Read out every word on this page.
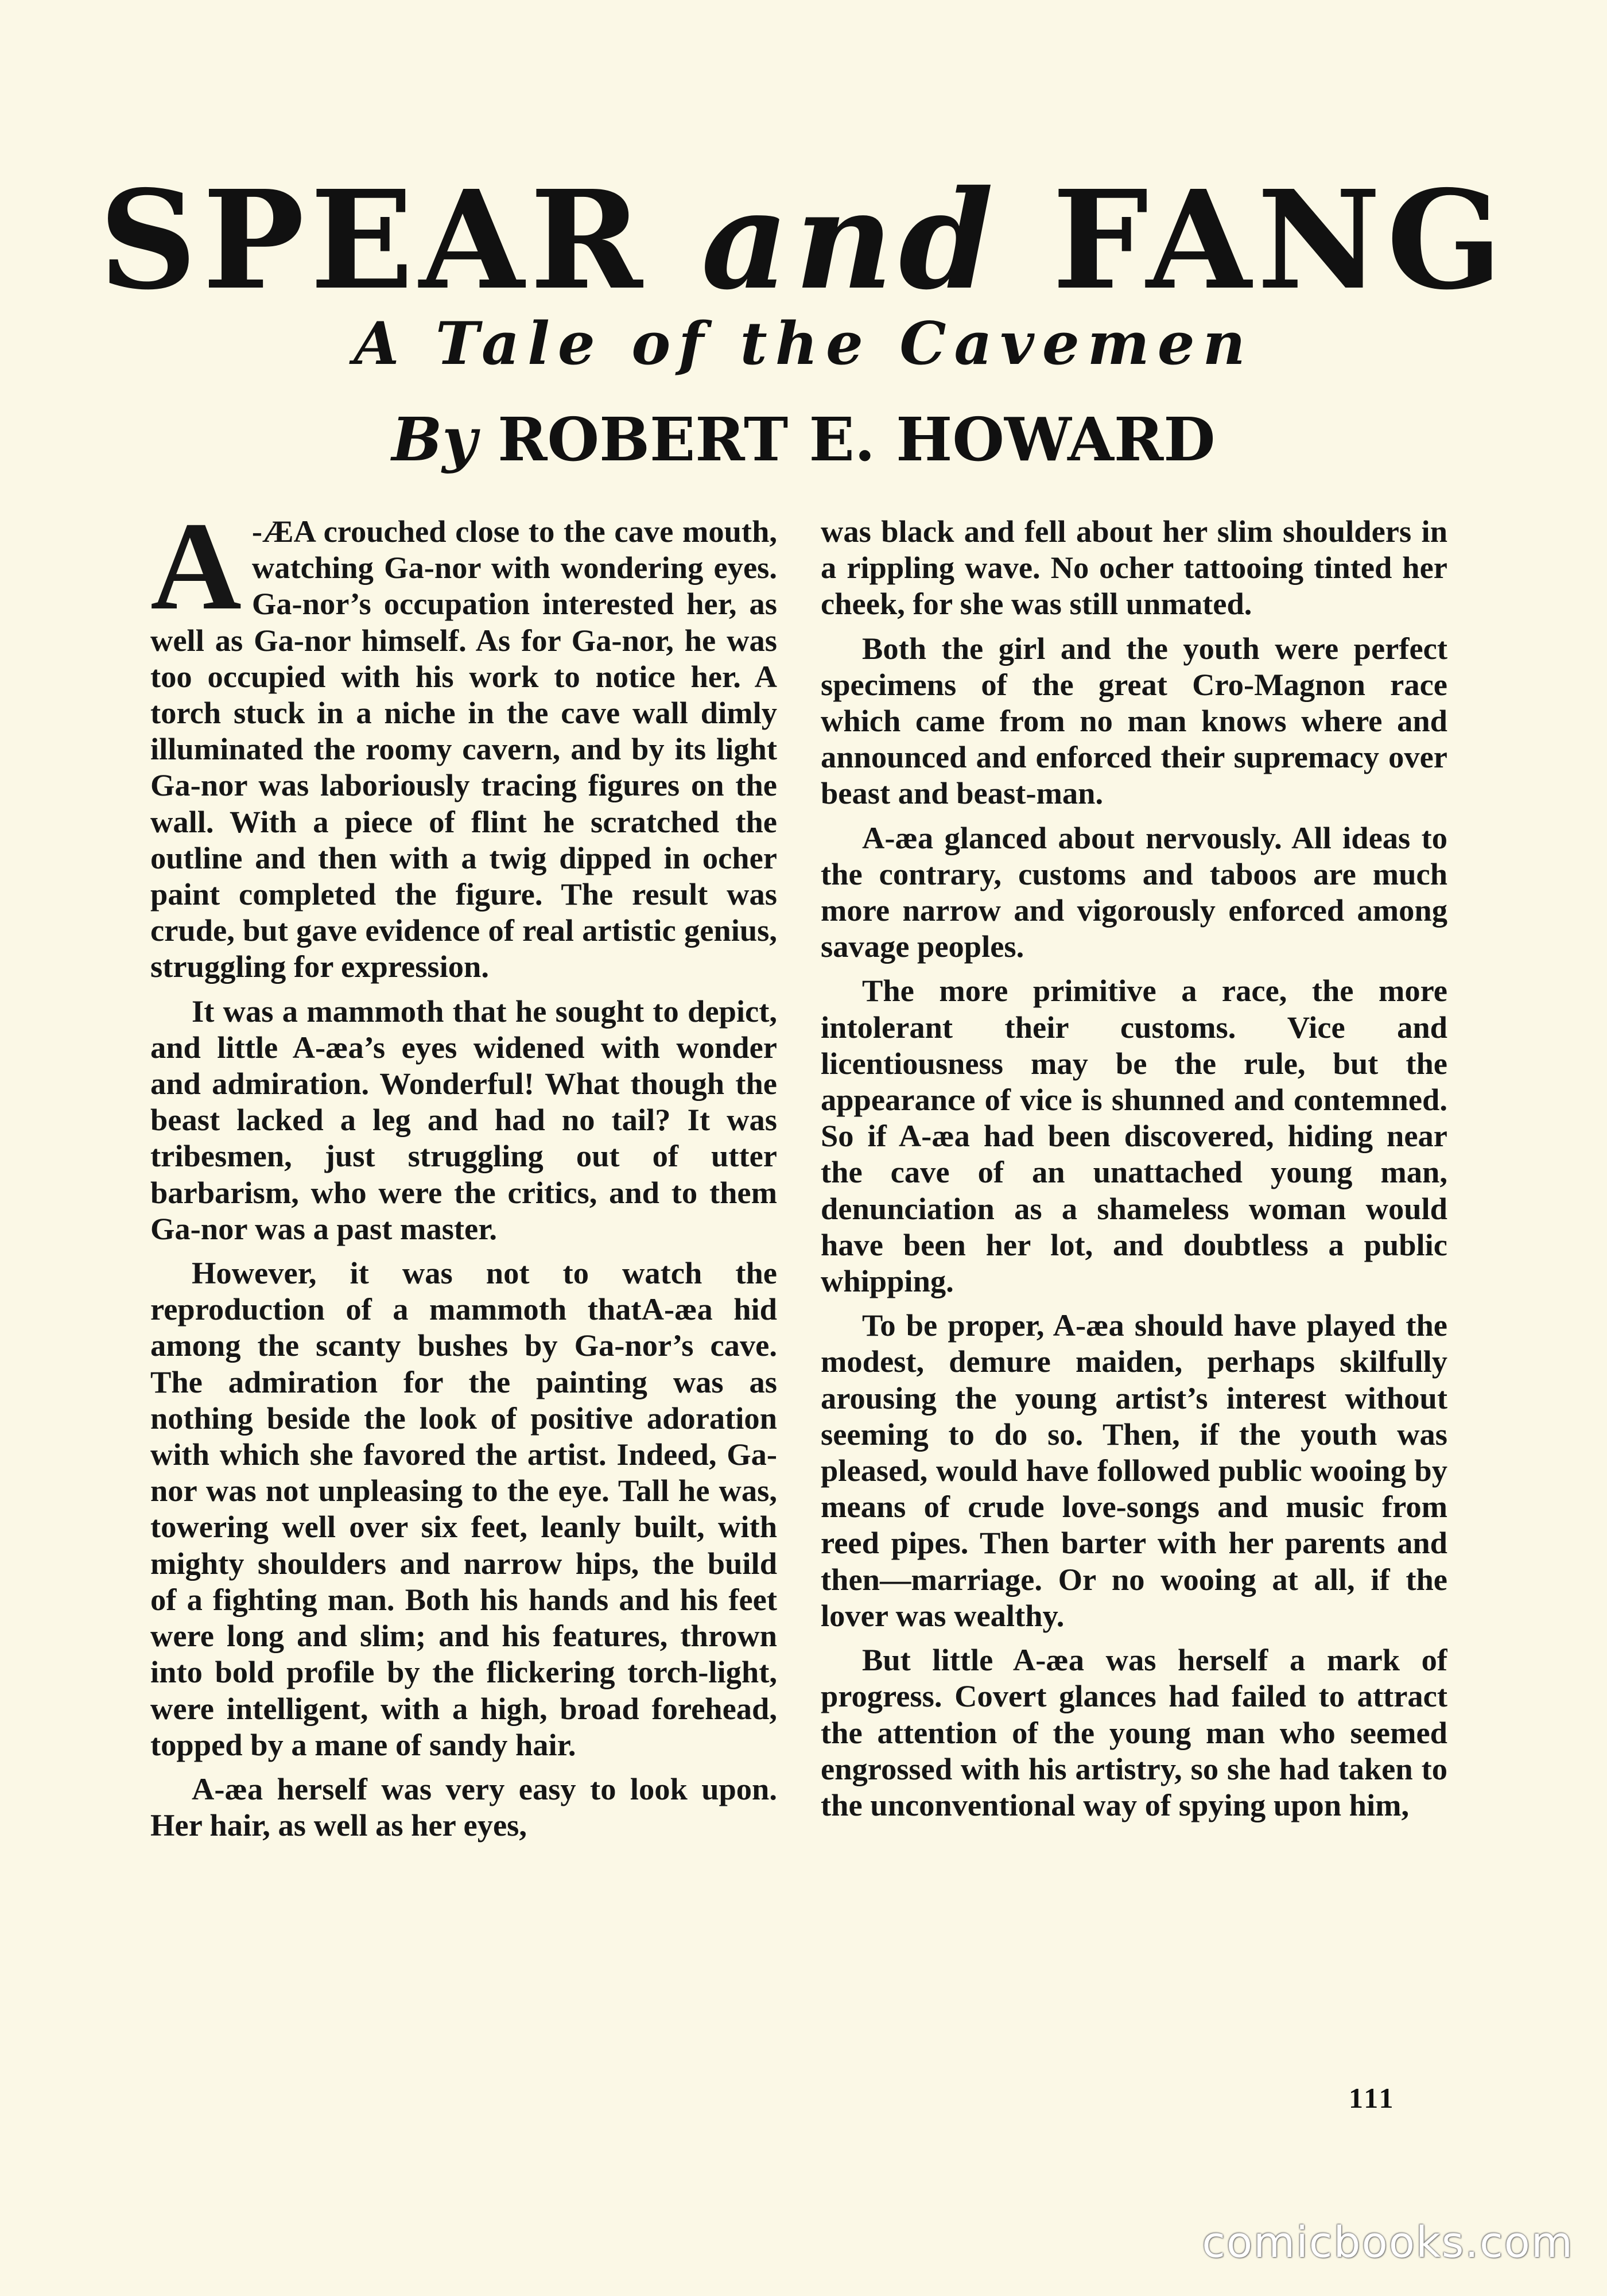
SPEAR and FANG
A Tale of the Cavemen
By ROBERT E. HOWARD

A -ÆA crouched close to the cave mouth, watching Ga-nor with wondering eyes. Ga-nor’s occupation interested her, as well as Ga-nor himself. As for Ga-nor, he was too occupied with his work to notice her. A torch stuck in a niche in the cave wall dimly illuminated the roomy cavern, and by its light Ga-nor was laboriously tracing figures on the wall. With a piece of flint he scratched the outline and then with a twig dipped in ocher paint completed the figure. The result was crude, but gave evidence of real artistic genius, struggling for expression.

It was a mammoth that he sought to depict, and little A-æa’s eyes widened with wonder and admiration. Wonderful! What though the beast lacked a leg and had no tail? It was tribesmen, just struggling out of utter barbarism, who were the critics, and to them Ga-nor was a past master.

However, it was not to watch the reproduction of a mammoth thatA-æa hid among the scanty bushes by Ga-nor’s cave. The admiration for the painting was as nothing beside the look of positive adoration with which she favored the artist. Indeed, Ga-nor was not unpleasing to the eye. Tall he was, towering well over six feet, leanly built, with mighty shoulders and narrow hips, the build of a fighting man. Both his hands and his feet were long and slim; and his features, thrown into bold profile by the flickering torch-light, were intelligent, with a high, broad forehead, topped by a mane of sandy hair.

A-æa herself was very easy to look upon. Her hair, as well as her eyes,

was black and fell about her slim shoulders in a rippling wave. No ocher tattooing tinted her cheek, for she was still unmated.

Both the girl and the youth were perfect specimens of the great Cro-Magnon race which came from no man knows where and announced and enforced their supremacy over beast and beast-man.

A-æa glanced about nervously. All ideas to the contrary, customs and taboos are much more narrow and vigorously enforced among savage peoples.

The more primitive a race, the more intolerant their customs. Vice and licentiousness may be the rule, but the appearance of vice is shunned and contemned. So if A-æa had been discovered, hiding near the cave of an unattached young man, denunciation as a shameless woman would have been her lot, and doubtless a public whipping.

To be proper, A-æa should have played the modest, demure maiden, perhaps skilfully arousing the young artist’s interest without seeming to do so. Then, if the youth was pleased, would have followed public wooing by means of crude love-songs and music from reed pipes. Then barter with her parents and then—marriage. Or no wooing at all, if the lover was wealthy.

But little A-æa was herself a mark of progress. Covert glances had failed to attract the attention of the young man who seemed engrossed with his artistry, so she had taken to the unconventional way of spying upon him,

111
comicbooks.com
